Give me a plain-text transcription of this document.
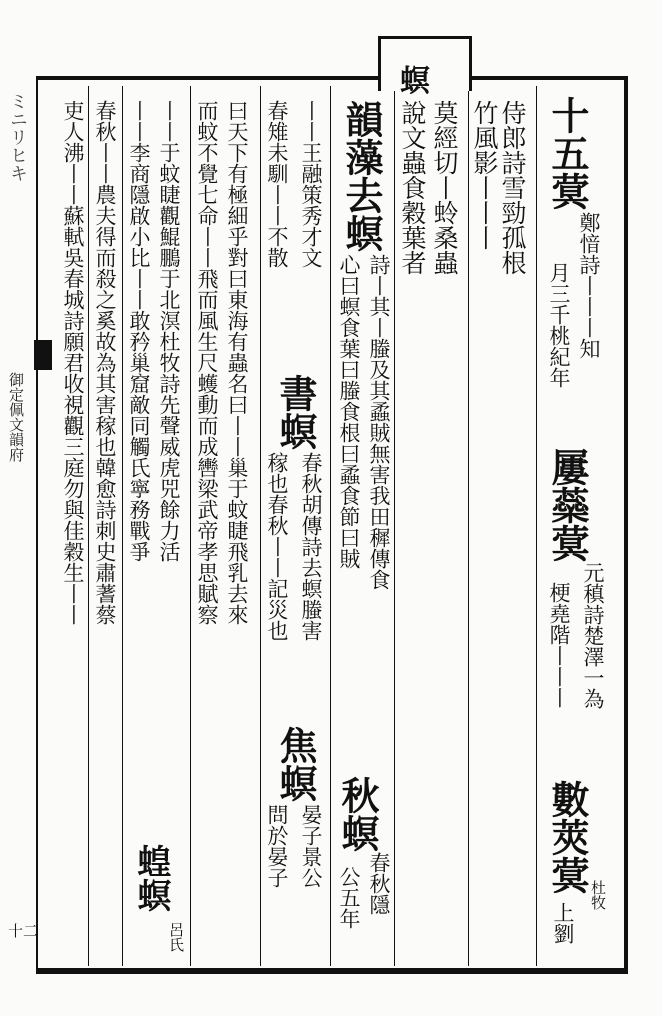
螟
ミニリヒキ
御定佩文韻府
十二
十五蓂
鄭愔詩丨丨丨知
屢蘂蓂
元稹詩楚澤一為
數莢蓂
杜牧
月三千桃紀年
梗堯階丨丨丨
上劉
侍郎詩雪勁孤根
竹風影丨丨丨
莫經切丨蛉桑蟲
說文蟲食穀葉者
韻藻去螟
詩丨其丨螣及其蟊賊無害我田穉傳食
秋螟
春秋隱
心曰螟食葉曰螣食根曰蟊食節曰賊
公五年
丨丨王融策秀才文
書螟
春秋胡傳詩去螟螣害
焦螟
晏子景公
春雉未馴丨丨不散
稼也春秋丨丨記災也
問於晏子
曰天下有極細乎對曰東海有蟲名曰丨丨巢于蚊睫飛乳去來
而蚊不覺七命丨丨飛而風生尺蠖動而成轡梁武帝孝思賦察
丨丨于蚊睫觀鯤鵬于北溟杜牧詩先聲威虎兕餘力活
丨丨李商隱啟小比丨丨敢矜巢窟敵同觸氏寧務戰爭
蝗螟
呂氏
春秋丨丨農夫得而殺之奚故為其害稼也韓愈詩刺史肅蓍蔡
吏人沸丨丨蘇軾吳春城詩願君收視觀三庭勿與佳穀生丨丨
